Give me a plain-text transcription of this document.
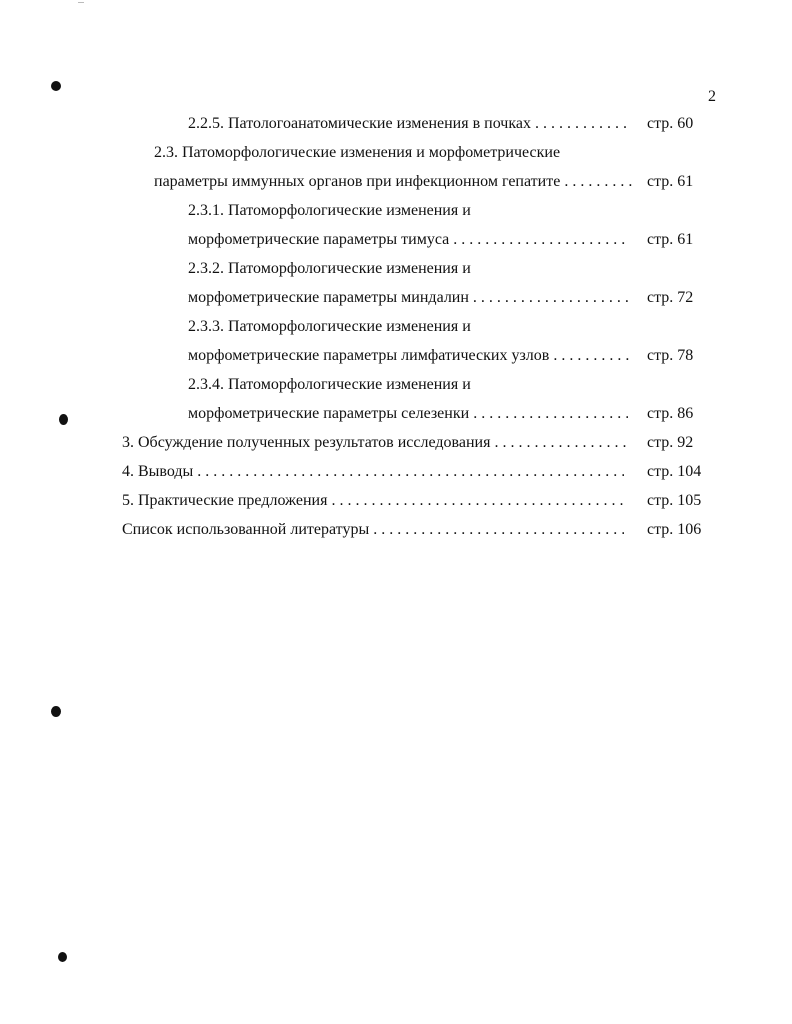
2
2.2.5. Патологоанатомические изменения в почках . . .	стр. 60
2.3. Патоморфологические изменения и морфометрические
параметры иммунных органов при инфекционном гепатите . . .	стр. 61
2.3.1. Патоморфологические изменения и
морфометрические параметры тимуса . . .	стр. 61
2.3.2. Патоморфологические изменения и
морфометрические параметры миндалин . . .	стр. 72
2.3.3. Патоморфологические изменения и
морфометрические параметры лимфатических узлов . . .	стр. 78
2.3.4. Патоморфологические изменения и
морфометрические параметры селезенки . . .	стр. 86
3. Обсуждение полученных результатов исследования . . .	стр. 92
4. Выводы . . .	стр. 104
5. Практические предложения . . .	стр. 105
Список использованной литературы . . .	стр. 106
